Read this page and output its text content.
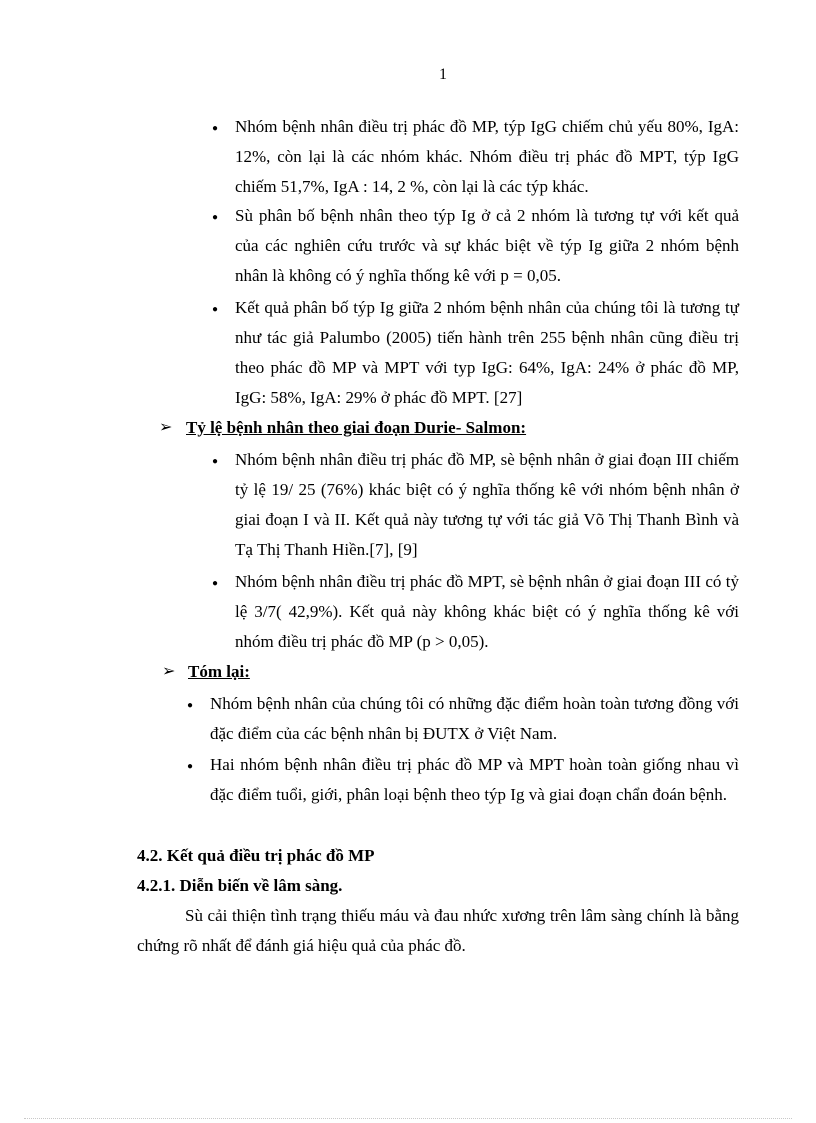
1
● Nhóm bệnh nhân điều trị phác đồ MP, týp IgG chiếm chủ yếu 80%, IgA: 12%, còn lại là các nhóm khác. Nhóm điều trị phác đồ MPT, týp IgG chiếm 51,7%, IgA : 14, 2 %, còn lại là các týp khác.
● Sù phân bố bệnh nhân theo týp Ig ở cả 2 nhóm là tương tự với kết quả của các nghiên cứu trước và sự khác biệt về týp Ig giữa 2 nhóm bệnh nhân là không có ý nghĩa thống kê với p = 0,05.
● Kết quả phân bố týp Ig giữa 2 nhóm bệnh nhân của chúng tôi là tương tự như tác giả Palumbo (2005) tiến hành trên 255 bệnh nhân cũng điều trị theo phác đồ MP và MPT với typ IgG: 64%, IgA: 24% ở phác đồ MP, IgG: 58%, IgA: 29% ở phác đồ MPT. [27]
➢ Tỷ lệ bệnh nhân theo giai đoạn Durie- Salmon:
● Nhóm bệnh nhân điều trị phác đồ MP, sè bệnh nhân ở giai đoạn III chiếm tỷ lệ 19/ 25 (76%) khác biệt có ý nghĩa thống kê với nhóm bệnh nhân ở giai đoạn I và II. Kết quả này tương tự với tác giả Võ Thị Thanh Bình và Tạ Thị Thanh Hiền.[7], [9]
● Nhóm bệnh nhân điều trị phác đồ MPT, sè bệnh nhân ở giai đoạn III có tỷ lệ 3/7( 42,9%). Kết quả này không khác biệt có ý nghĩa thống kê với nhóm điều trị phác đồ MP (p > 0,05).
➢ Tóm lại:
● Nhóm bệnh nhân của chúng tôi có những đặc điểm hoàn toàn tương đồng với đặc điểm của các bệnh nhân bị ĐUTX ở Việt Nam.
● Hai nhóm bệnh nhân điều trị phác đồ MP và MPT hoàn toàn giống nhau vì đặc điểm tuổi, giới, phân loại bệnh theo týp Ig và giai đoạn chẩn đoán bệnh.
4.2. Kết quả điều trị phác đồ MP
4.2.1. Diễn biến về lâm sàng.
Sù cải thiện tình trạng thiếu máu và đau nhức xương trên lâm sàng chính là bằng chứng rõ nhất để đánh giá hiệu quả của phác đồ.
